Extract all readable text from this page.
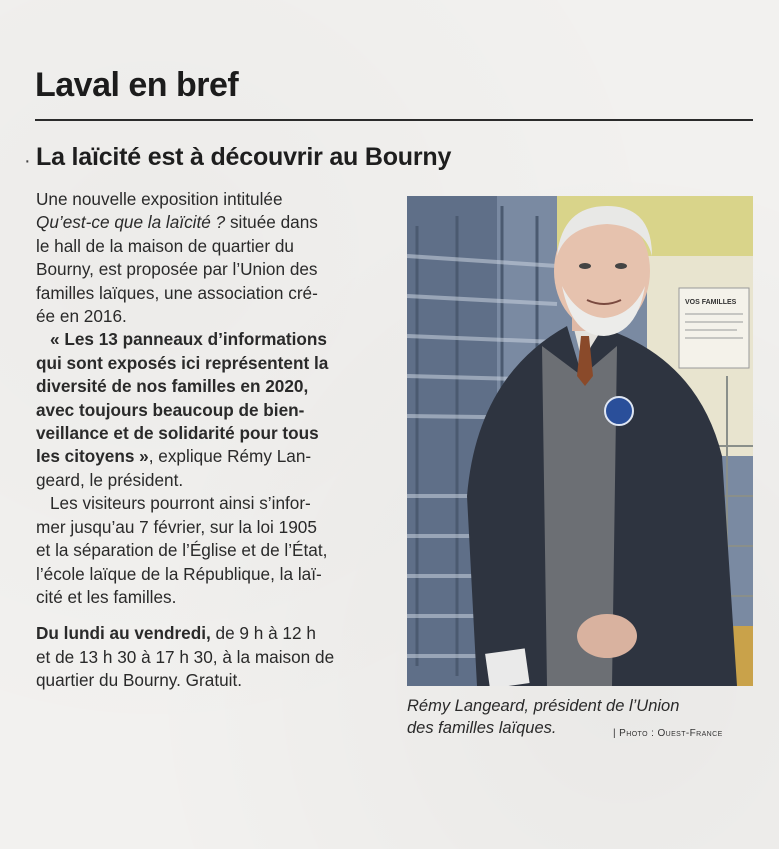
Laval en bref
· La laïcité est à découvrir au Bourny

Une nouvelle exposition intitulée
Qu’est-ce que la laïcité ? située dans
le hall de la maison de quartier du
Bourny, est proposée par l’Union des
familles laïques, une association cré-
ée en 2016.

« Les 13 panneaux d’informations
qui sont exposés ici représentent la
diversité de nos familles en 2020,
avec toujours beaucoup de bien-
veillance et de solidarité pour tous
les citoyens », explique Rémy Lan-
geard, le président.

Les visiteurs pourront ainsi s’infor-
mer jusqu’au 7 février, sur la loi 1905
et la séparation de l’Église et de l’État,
l’école laïque de la République, la laï-
cité et les familles.

Du lundi au vendredi, de 9 h à 12 h
et de 13 h 30 à 17 h 30, à la maison de
quartier du Bourny. Gratuit.

VOS FAMILLES
Rémy Langeard, président de l’Union
des familles laïques.	| Photo : Ouest-France
